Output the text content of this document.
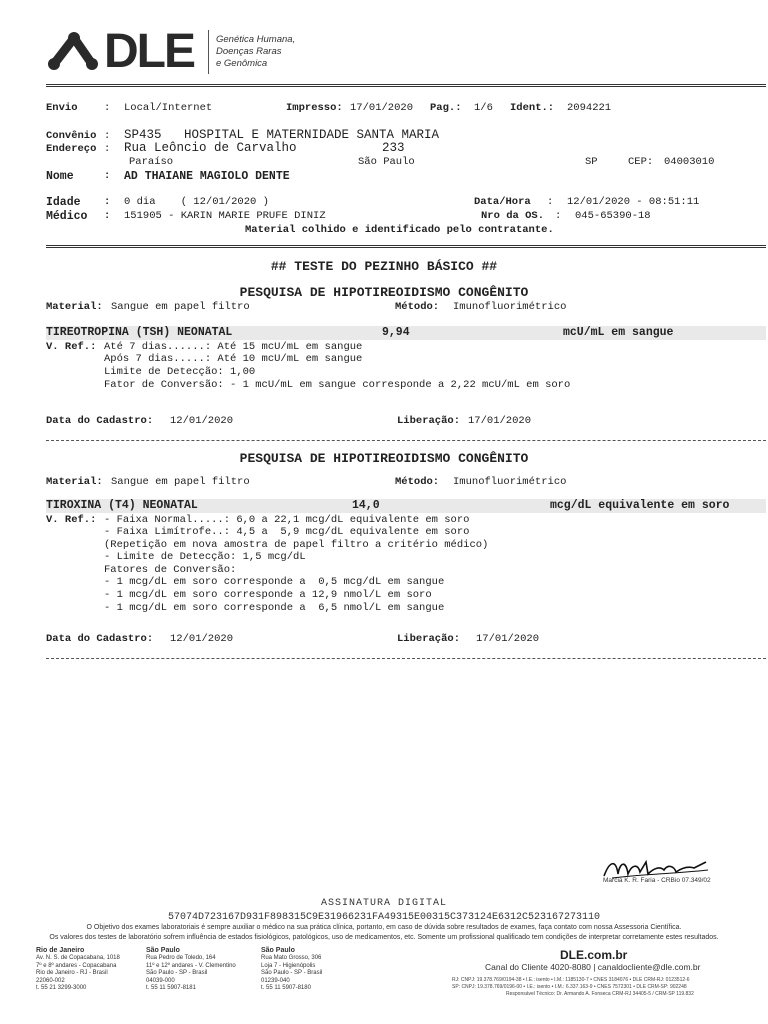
DLE Genética Humana,
Doenças Raras
e Genômica
Envio	: Local/Internet	Impresso: 17/01/2020 Pag.: 1/6 Ident.: 2094221
Convênio : SP435   HOSPITAL E MATERNIDADE SANTA MARIA
Endereço : Rua Leôncio de Carvalho	233
Paraíso	São Paulo	SP	CEP: 04003010
Nome	: AD THAIANE MAGIOLO DENTE
Idade : 0 dia    ( 12/01/2020 )	Data/Hora : 12/01/2020 - 08:51:11
Médico : 151905 - KARIN MARIE PRUFE DINIZ	Nro da OS. : 045-65390-18
Material colhido e identificado pelo contratante.
## TESTE DO PEZINHO BÁSICO ##
PESQUISA DE HIPOTIREOIDISMO CONGÊNITO
Material: Sangue em papel filtro	Método: Imunofluorimétrico
TIREOTROPINA (TSH) NEONATAL	9,94	mcU/mL em sangue
V. Ref.: Até 7 dias......: Até 15 mcU/mL em sangue
Após 7 dias.....: Até 10 mcU/mL em sangue
Limite de Detecção: 1,00
Fator de Conversão: - 1 mcU/mL em sangue corresponde a 2,22 mcU/mL em soro
Data do Cadastro: 12/01/2020	Liberação: 17/01/2020
PESQUISA DE HIPOTIREOIDISMO CONGÊNITO
Material: Sangue em papel filtro	Método: Imunofluorimétrico
TIROXINA (T4) NEONATAL	14,0	mcg/dL equivalente em soro
V. Ref.: - Faixa Normal.....: 6,0 a 22,1 mcg/dL equivalente em soro
- Faixa Limítrofe..: 4,5 a  5,9 mcg/dL equivalente em soro
(Repetição em nova amostra de papel filtro a critério médico)
- Limite de Detecção: 1,5 mcg/dL
Fatores de Conversão:
- 1 mcg/dL em soro corresponde a  0,5 mcg/dL em sangue
- 1 mcg/dL em soro corresponde a 12,9 nmol/L em soro
- 1 mcg/dL em soro corresponde a  6,5 nmol/L em sangue
Data do Cadastro: 12/01/2020	Liberação: 17/01/2020
Marcia K. R. Faria - CRBio 07.349/02
ASSINATURA DIGITAL
57074D723167D931F898315C9E31966231FA49315E00315C373124E6312C523167273110
O Objetivo dos exames laboratoriais é sempre auxiliar o médico na sua prática clínica, portanto, em caso de dúvida sobre resultados de exames, faça contato com nossa Assessoria Científica.
Os valores dos testes de laboratório sofrem influência de estados fisiológicos, patológicos, uso de medicamentos, etc. Somente um profissional qualificado tem condições de interpretar corretamente estes resultados.
Rio de Janeiro
Av. N. S. de Copacabana, 1018
7º e 8º andares - Copacabana
Rio de Janeiro - RJ - Brasil
22060-002
t. 55 21 3299-3000
São Paulo
Rua Pedro de Toledo, 164
11º e 12º andares - V. Clementino
São Paulo - SP - Brasil
04039-000
t. 55 11 5907-8181
São Paulo
Rua Mato Grosso, 306
Loja 7 - Higienópolis
São Paulo - SP - Brasil
01239-040
t. 55 11 5907-8180
DLE.com.br
Canal do Cliente 4020-8080 | canaldocliente@dle.com.br
RJ: CNPJ: 19.378.769/0194-38 • I.E.: isento • I.M.: 1185130-7 • CNES 3184076 • DLE CRM-RJ: 0123512-6
SP: CNPJ: 19.378.769/0196-00 • I.E.: isento • I.M.: 6.337.163-9 • CNES 7572301 • DLE CRM-SP: 902248
Responsável Técnico: Dr. Armando A. Fonseca CRM-RJ 34405-5 / CRM-SP 119.832
